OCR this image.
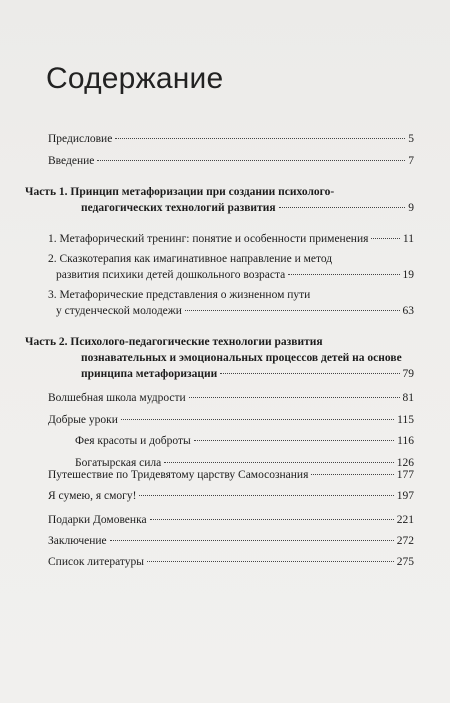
Содержание
Предисловие	5
Введение	7
Часть 1. Принцип метафоризации при создании психолого-
педагогических технологий развития	9
1. Метафорический тренинг: понятие и особенности применения	11
2. Сказкотерапия как имагинативное направление и метод
развития психики детей дошкольного возраста	19
3. Метафорические представления о жизненном пути
у студенческой молодежи	63
Часть 2. Психолого-педагогические технологии развития
познавательных и эмоциональных процессов детей на основе
принципа метафоризации	79
Волшебная школа мудрости	81
Добрые уроки	115
Фея красоты и доброты	116
Богатырская сила	126
Путешествие по Тридевятому царству Самосознания	177
Я сумею, я смогу!	197
Подарки Домовенка	221
Заключение	272
Список литературы	275
